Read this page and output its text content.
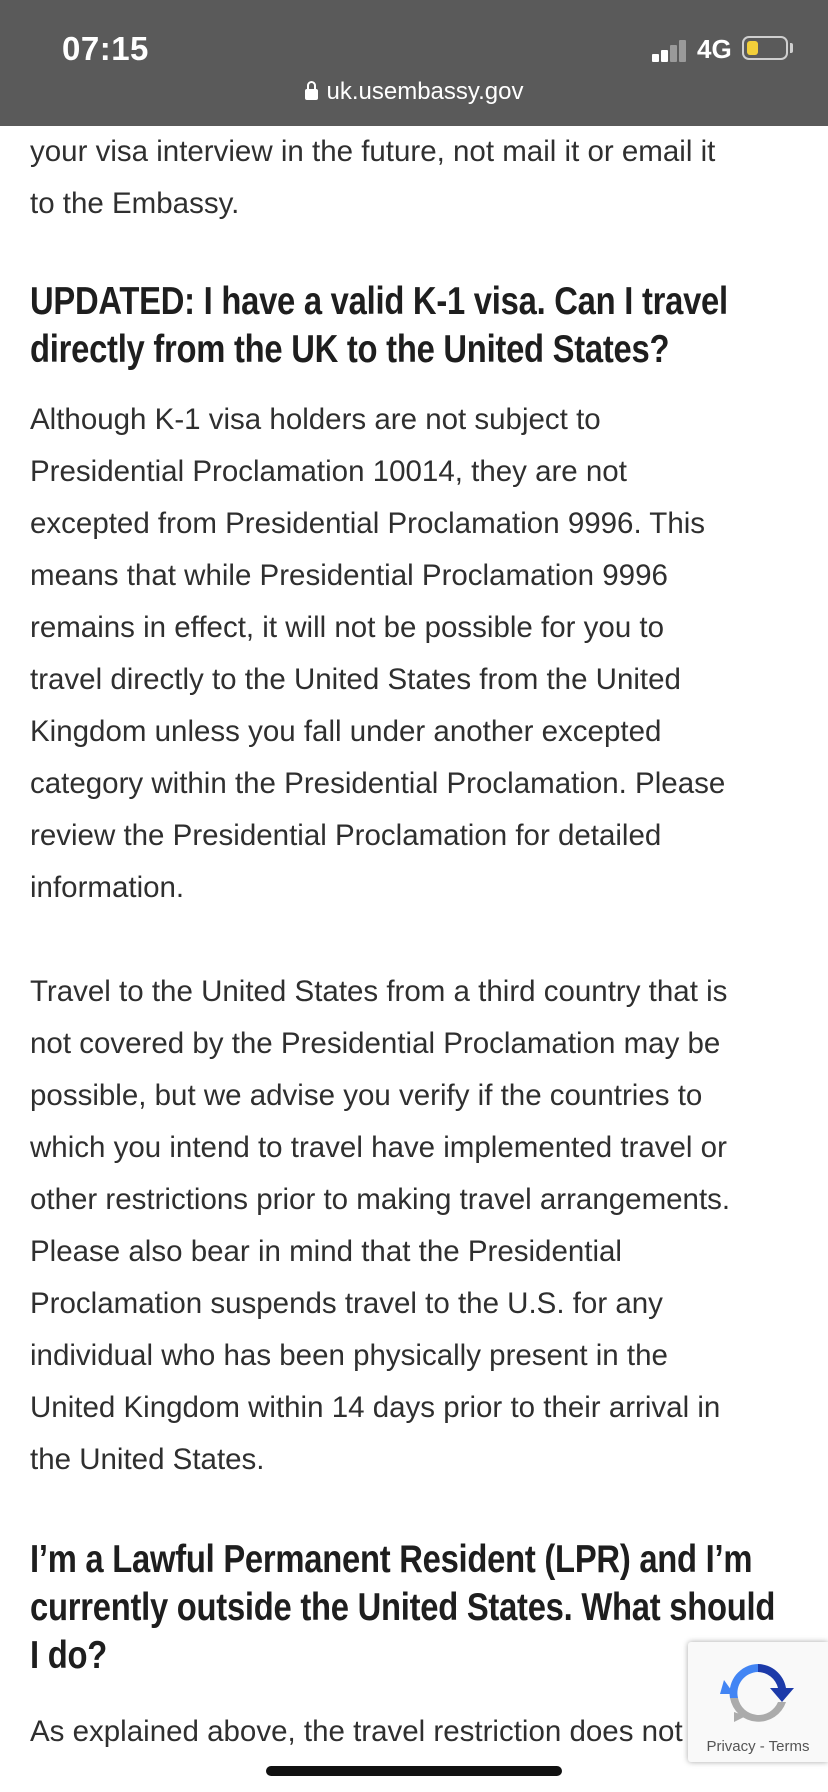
07:15	4G
uk.usembassy.gov

your visa interview in the future, not mail it or email it

to the Embassy.

UPDATED: I have a valid K-1 visa. Can I travel
directly from the UK to the United States?

Although K-1 visa holders are not subject to

Presidential Proclamation 10014, they are not

excepted from Presidential Proclamation 9996. This

means that while Presidential Proclamation 9996

remains in effect, it will not be possible for you to

travel directly to the United States from the United

Kingdom unless you fall under another excepted

category within the Presidential Proclamation. Please

review the Presidential Proclamation for detailed

information.

Travel to the United States from a third country that is

not covered by the Presidential Proclamation may be

possible, but we advise you verify if the countries to

which you intend to travel have implemented travel or

other restrictions prior to making travel arrangements.

Please also bear in mind that the Presidential

Proclamation suspends travel to the U.S. for any

individual who has been physically present in the

United Kingdom within 14 days prior to their arrival in

the United States.

I’m a Lawful Permanent Resident (LPR) and I’m
currently outside the United States. What should
I do?

As explained above, the travel restriction does not	Privacy - Terms
